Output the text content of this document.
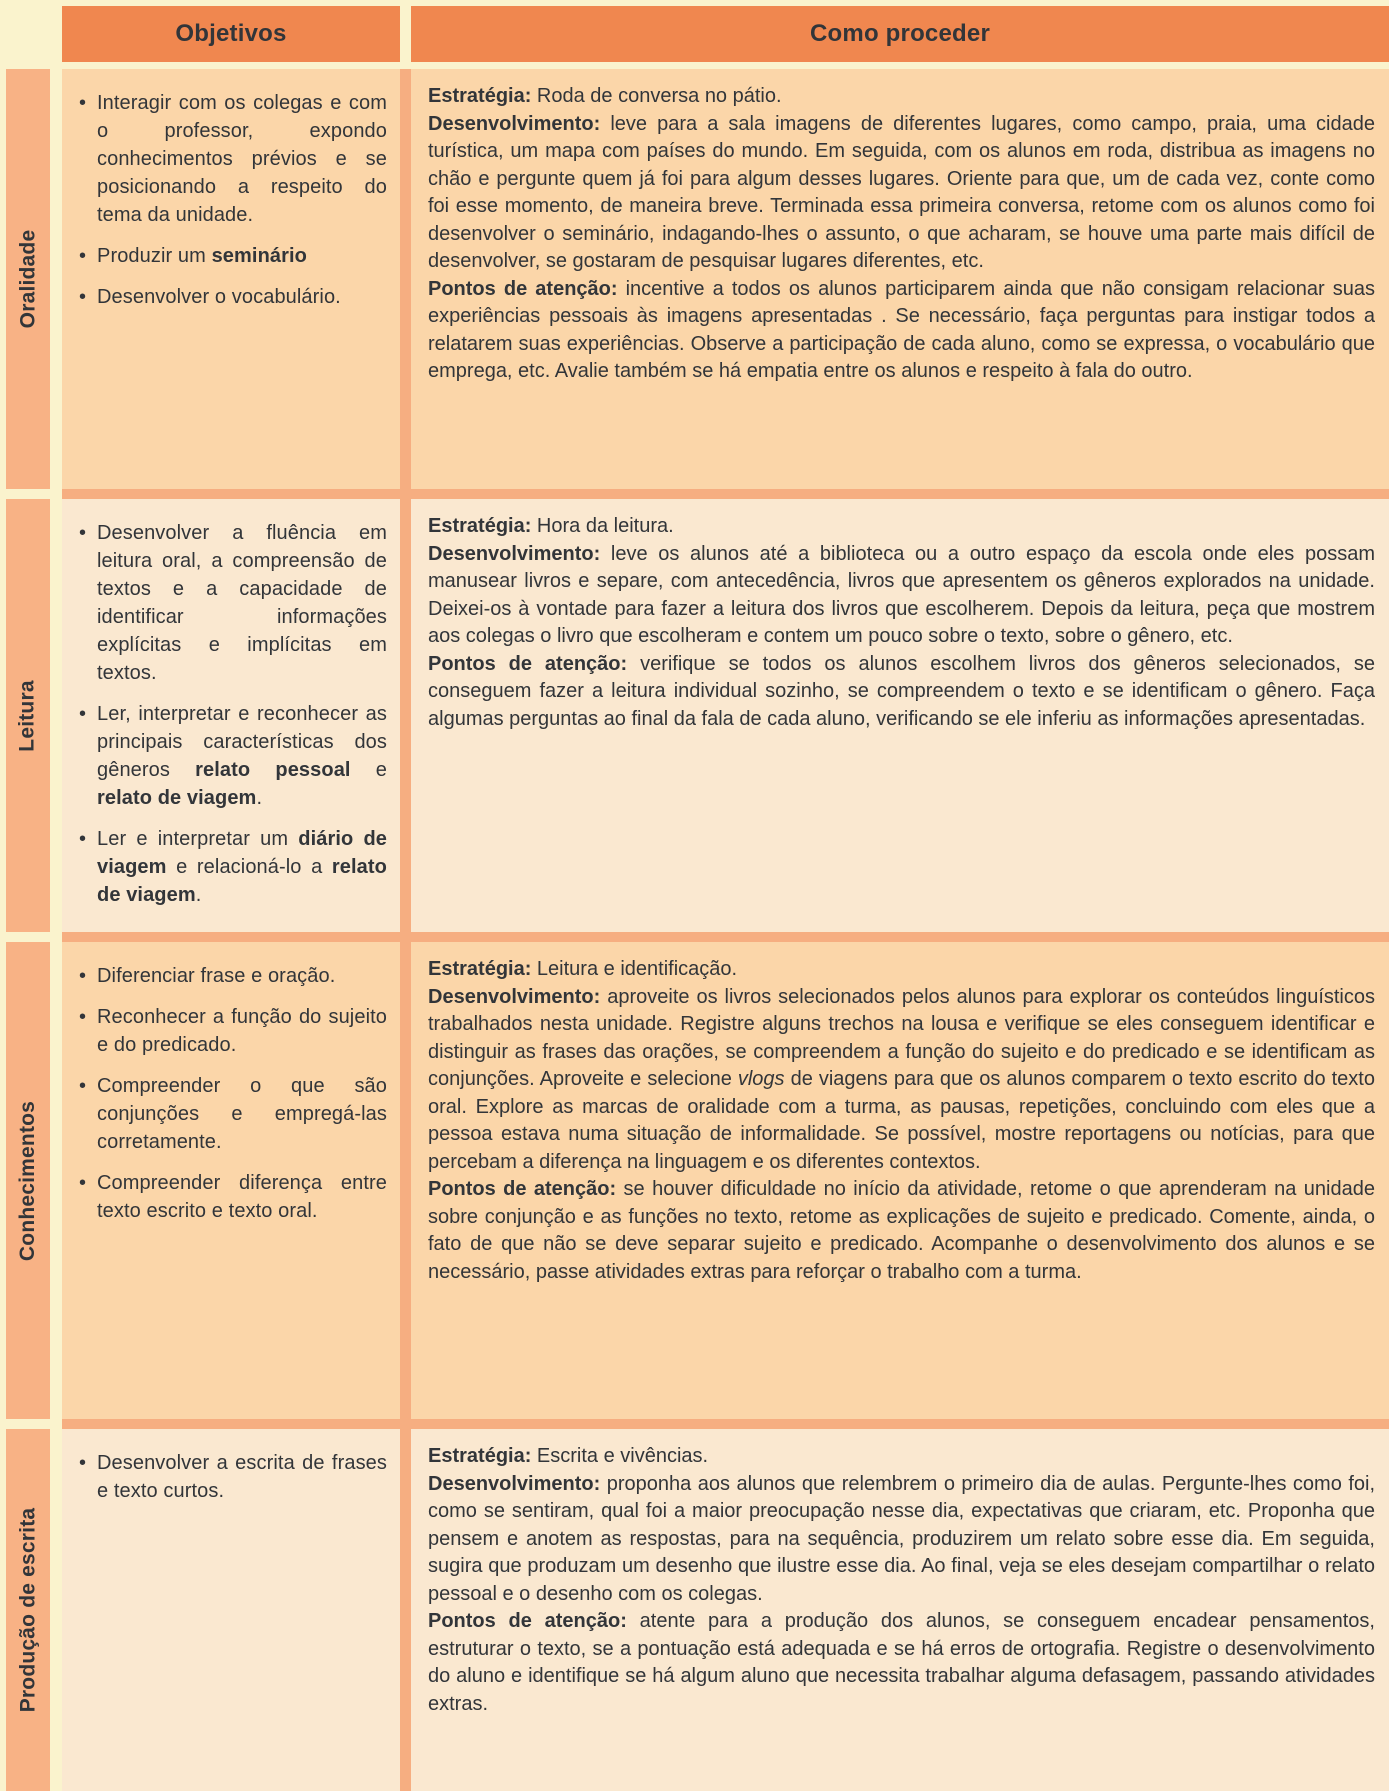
Objetivos	Como proceder
Oralidade
• Interagir com os colegas e com o professor, expondo conhecimentos prévios e se posicionando a respeito do tema da unidade.
• Produzir um seminário
• Desenvolver o vocabulário.

Estratégia: Roda de conversa no pátio.

Desenvolvimento: leve para a sala imagens de diferentes lugares, como campo, praia, uma cidade turística, um mapa com países do mundo. Em seguida, com os alunos em roda, distribua as imagens no chão e pergunte quem já foi para algum desses lugares. Oriente para que, um de cada vez, conte como foi esse momento, de maneira breve. Terminada essa primeira conversa, retome com os alunos como foi desenvolver o seminário, indagando-lhes o assunto, o que acharam, se houve uma parte mais difícil de desenvolver, se gostaram de pesquisar lugares diferentes, etc.

Pontos de atenção: incentive a todos os alunos participarem ainda que não consigam relacionar suas experiências pessoais às imagens apresentadas . Se necessário, faça perguntas para instigar todos a relatarem suas experiências. Observe a participação de cada aluno, como se expressa, o vocabulário que emprega, etc. Avalie também se há empatia entre os alunos e respeito à fala do outro.

Leitura
• Desenvolver a fluência em leitura oral, a compreensão de textos e a capacidade de identificar informações explícitas e implícitas em textos.
• Ler, interpretar e reconhecer as principais características dos gêneros relato pessoal e relato de viagem.
• Ler e interpretar um diário de viagem e relacioná-lo a relato de viagem.

Estratégia: Hora da leitura.

Desenvolvimento: leve os alunos até a biblioteca ou a outro espaço da escola onde eles possam manusear livros e separe, com antecedência, livros que apresentem os gêneros explorados na unidade. Deixei-os à vontade para fazer a leitura dos livros que escolherem. Depois da leitura, peça que mostrem aos colegas o livro que escolheram e contem um pouco sobre o texto, sobre o gênero, etc.

Pontos de atenção: verifique se todos os alunos escolhem livros dos gêneros selecionados, se conseguem fazer a leitura individual sozinho, se compreendem o texto e se identificam o gênero. Faça algumas perguntas ao final da fala de cada aluno, verificando se ele inferiu as informações apresentadas.

Conhecimentos
• Diferenciar frase e oração.
• Reconhecer a função do sujeito e do predicado.
• Compreender o que são conjunções e empregá-las corretamente.
• Compreender diferença entre texto escrito e texto oral.

Estratégia: Leitura e identificação.

Desenvolvimento: aproveite os livros selecionados pelos alunos para explorar os conteúdos linguísticos trabalhados nesta unidade. Registre alguns trechos na lousa e verifique se eles conseguem identificar e distinguir as frases das orações, se compreendem a função do sujeito e do predicado e se identificam as conjunções. Aproveite e selecione vlogs de viagens para que os alunos comparem o texto escrito do texto oral. Explore as marcas de oralidade com a turma, as pausas, repetições, concluindo com eles que a pessoa estava numa situação de informalidade. Se possível, mostre reportagens ou notícias, para que percebam a diferença na linguagem e os diferentes contextos.

Pontos de atenção: se houver dificuldade no início da atividade, retome o que aprenderam na unidade sobre conjunção e as funções no texto, retome as explicações de sujeito e predicado. Comente, ainda, o fato de que não se deve separar sujeito e predicado. Acompanhe o desenvolvimento dos alunos e se necessário, passe atividades extras para reforçar o trabalho com a turma.

Produção de escrita
• Desenvolver a escrita de frases e texto curtos.

Estratégia: Escrita e vivências.

Desenvolvimento: proponha aos alunos que relembrem o primeiro dia de aulas. Pergunte-lhes como foi, como se sentiram, qual foi a maior preocupação nesse dia, expectativas que criaram, etc. Proponha que pensem e anotem as respostas, para na sequência, produzirem um relato sobre esse dia. Em seguida, sugira que produzam um desenho que ilustre esse dia. Ao final, veja se eles desejam compartilhar o relato pessoal e o desenho com os colegas.

Pontos de atenção: atente para a produção dos alunos, se conseguem encadear pensamentos, estruturar o texto, se a pontuação está adequada e se há erros de ortografia. Registre o desenvolvimento do aluno e identifique se há algum aluno que necessita trabalhar alguma defasagem, passando atividades extras.
